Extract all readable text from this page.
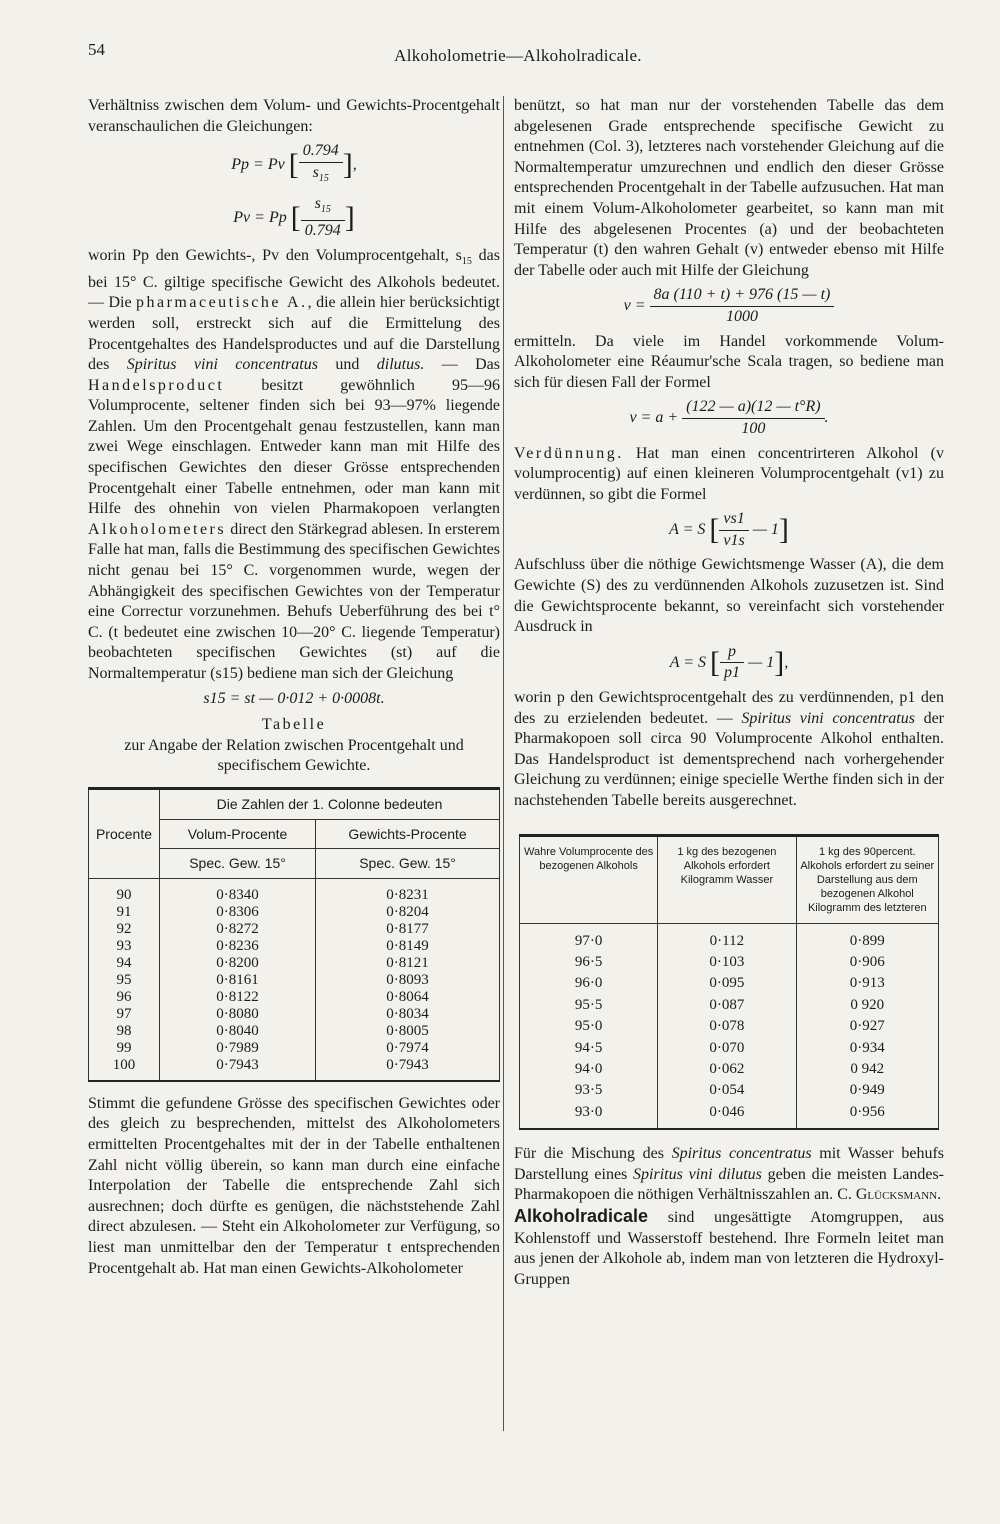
54	Alkoholometrie—Alkoholradicale.

Verhältniss zwischen dem Volum- und Gewichts-Procentgehalt veranschaulichen die Gleichungen:

Pp = Pv [ $\frac{0.794}{s_{15}}$ ],
Pv = Pp [ $\frac{s_{15}}{0.794}$ ]

worin Pp den Gewichts-, Pv den Volumprocentgehalt, $s_{15}$ das bei 15° C. giltige specifische Gewicht des Alkohols bedeutet. — Die pharmaceutische A., die allein hier berücksichtigt werden soll, erstreckt sich auf die Ermittelung des Procentgehaltes des Handelsproductes und auf die Darstellung des Spiritus vini concentratus und dilutus. — Das Handelsproduct besitzt gewöhnlich 95—96 Volumprocente, seltener finden sich bei 93—97% liegende Zahlen. Um den Procentgehalt genau festzustellen, kann man zwei Wege einschlagen. Entweder kann man mit Hilfe des specifischen Gewichtes den dieser Grösse entsprechenden Procentgehalt einer Tabelle entnehmen, oder man kann mit Hilfe des ohnehin von vielen Pharmakopoen verlangten Alkoholometers direct den Stärkegrad ablesen. In ersterem Falle hat man, falls die Bestimmung des specifischen Gewichtes nicht genau bei 15° C. vorgenommen wurde, wegen der Abhängigkeit des specifischen Gewichtes von der Temperatur eine Correctur vorzunehmen. Behufs Ueberführung des bei t° C. (t bedeutet eine zwischen 10—20° C. liegende Temperatur) beobachteten specifischen Gewichtes (st) auf die Normaltemperatur (s15) bediene man sich der Gleichung

s15 = st — 0·012 + 0·0008t.
Tabelle
zur Angabe der Relation zwischen Procentgehalt und specifischem Gewichte.
Procente	Die Zahlen der 1. Colonne bedeuten	
	Volum-Procente	Gewichts-Procente
	Spec. Gew. 15°	Spec. Gew. 15°
90	0·8340	0·8231
91	0·8306	0·8204
92	0·8272	0·8177
93	0·8236	0·8149
94	0·8200	0·8121
95	0·8161	0·8093
96	0·8122	0·8064
97	0·8080	0·8034
98	0·8040	0·8005
99	0·7989	0·7974
100	0·7943	0·7943

Stimmt die gefundene Grösse des specifischen Gewichtes oder des gleich zu besprechenden, mittelst des Alkoholometers ermittelten Procentgehaltes mit der in der Tabelle enthaltenen Zahl nicht völlig überein, so kann man durch eine einfache Interpolation der Tabelle die entsprechende Zahl sich ausrechnen; doch dürfte es genügen, die nächststehende Zahl direct abzulesen. — Steht ein Alkoholometer zur Verfügung, so liest man unmittelbar den der Temperatur t entsprechenden Procentgehalt ab. Hat man einen Gewichts-Alkoholometer

benützt, so hat man nur der vorstehenden Tabelle das dem abgelesenen Grade entsprechende specifische Gewicht zu entnehmen (Col. 3), letzteres nach vorstehender Gleichung auf die Normaltemperatur umzurechnen und endlich den dieser Grösse entsprechenden Procentgehalt in der Tabelle aufzusuchen. Hat man mit einem Volum-Alkoholometer gearbeitet, so kann man mit Hilfe des abgelesenen Procentes (a) und der beobachteten Temperatur (t) den wahren Gehalt (v) entweder ebenso mit Hilfe der Tabelle oder auch mit Hilfe der Gleichung

$v = \frac{8a (110 + t) + 976 (15 — t)}{1000}$

ermitteln. Da viele im Handel vorkommende Volum-Alkoholometer eine Réaumur'sche Scala tragen, so bediene man sich für diesen Fall der Formel

$v = a + \frac{(122 — a)(12 — t^\circ R)}{100}$ .

Verdünnung. Hat man einen concentrirteren Alkohol (v volumprocentig) auf einen kleineren Volumprocentgehalt (v1) zu verdünnen, so gibt die Formel

A = S [ $\frac{vs1}{v1s}$ — 1]

Aufschluss über die nöthige Gewichtsmenge Wasser (A), die dem Gewichte (S) des zu verdünnenden Alkohols zuzusetzen ist. Sind die Gewichtsprocente bekannt, so vereinfacht sich vorstehender Ausdruck in

A = S [ $\frac{p}{p1}$ — 1],

worin p den Gewichtsprocentgehalt des zu verdünnenden, p1 den des zu erzielenden bedeutet. — Spiritus vini concentratus der Pharmakopoen soll circa 90 Volumprocente Alkohol enthalten. Das Handelsproduct ist dementsprechend nach vorhergehender Gleichung zu verdünnen; einige specielle Werthe finden sich in der nachstehenden Tabelle bereits ausgerechnet.

Wahre Volumprocente des bezogenen Alkohols	1 kg des bezogenen Alkohols erfordert Kilogramm Wasser	1 kg des 90percent. Alkohols erfordert zu seiner Darstellung aus dem bezogenen Alkohol Kilogramm des letzteren
97·0	0·112	0·899
96·5	0·103	0·906
96·0	0·095	0·913
95·5	0·087	0 920
95·0	0·078	0·927
94·5	0·070	0·934
94·0	0·062	0 942
93·5	0·054	0·949
93·0	0·046	0·956

Für die Mischung des Spiritus concentratus mit Wasser behufs Darstellung eines Spiritus vini dilutus geben die meisten Landes-Pharmakopoen die nöthigen Verhältnisszahlen an. C. Glücksmann.

Alkoholradicale sind ungesättigte Atomgruppen, aus Kohlenstoff und Wasserstoff bestehend. Ihre Formeln leitet man aus jenen der Alkohole ab, indem man von letzteren die Hydroxyl-Gruppen
